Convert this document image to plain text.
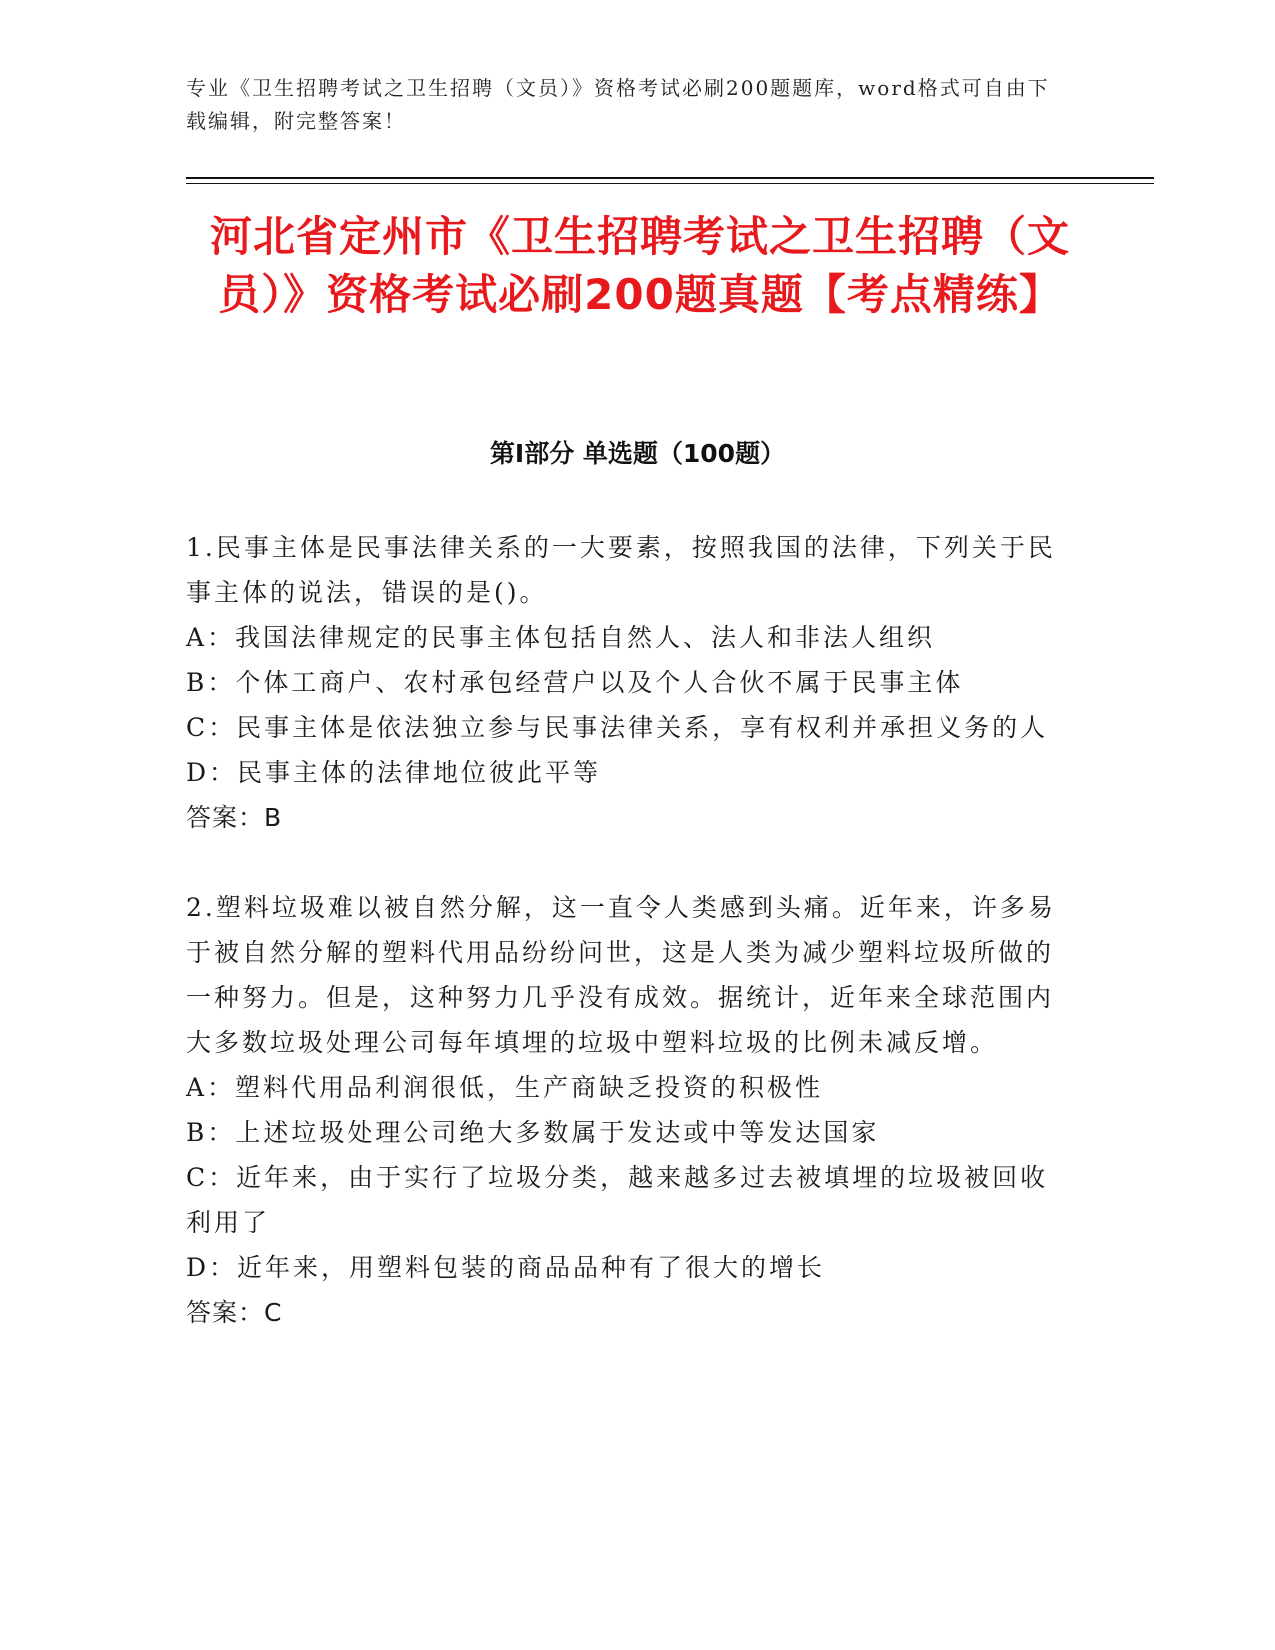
专业《卫生招聘考试之卫生招聘（文员）》资格考试必刷200题题库，word格式可自由下载编辑，附完整答案！
河北省定州市《卫生招聘考试之卫生招聘（文员）》资格考试必刷200题真题【考点精练】
第I部分 单选题（100题）

1.民事主体是民事法律关系的一大要素，按照我国的法律，下列关于民事主体的说法，错误的是()。

A：我国法律规定的民事主体包括自然人、法人和非法人组织

B：个体工商户、农村承包经营户以及个人合伙不属于民事主体

C：民事主体是依法独立参与民事法律关系，享有权利并承担义务的人

D：民事主体的法律地位彼此平等

答案：B

2.塑料垃圾难以被自然分解，这一直令人类感到头痛。近年来，许多易于被自然分解的塑料代用品纷纷问世，这是人类为减少塑料垃圾所做的一种努力。但是，这种努力几乎没有成效。据统计，近年来全球范围内大多数垃圾处理公司每年填埋的垃圾中塑料垃圾的比例未减反增。

A：塑料代用品利润很低，生产商缺乏投资的积极性

B：上述垃圾处理公司绝大多数属于发达或中等发达国家

C：近年来，由于实行了垃圾分类，越来越多过去被填埋的垃圾被回收利用了

D：近年来，用塑料包装的商品品种有了很大的增长

答案：C
